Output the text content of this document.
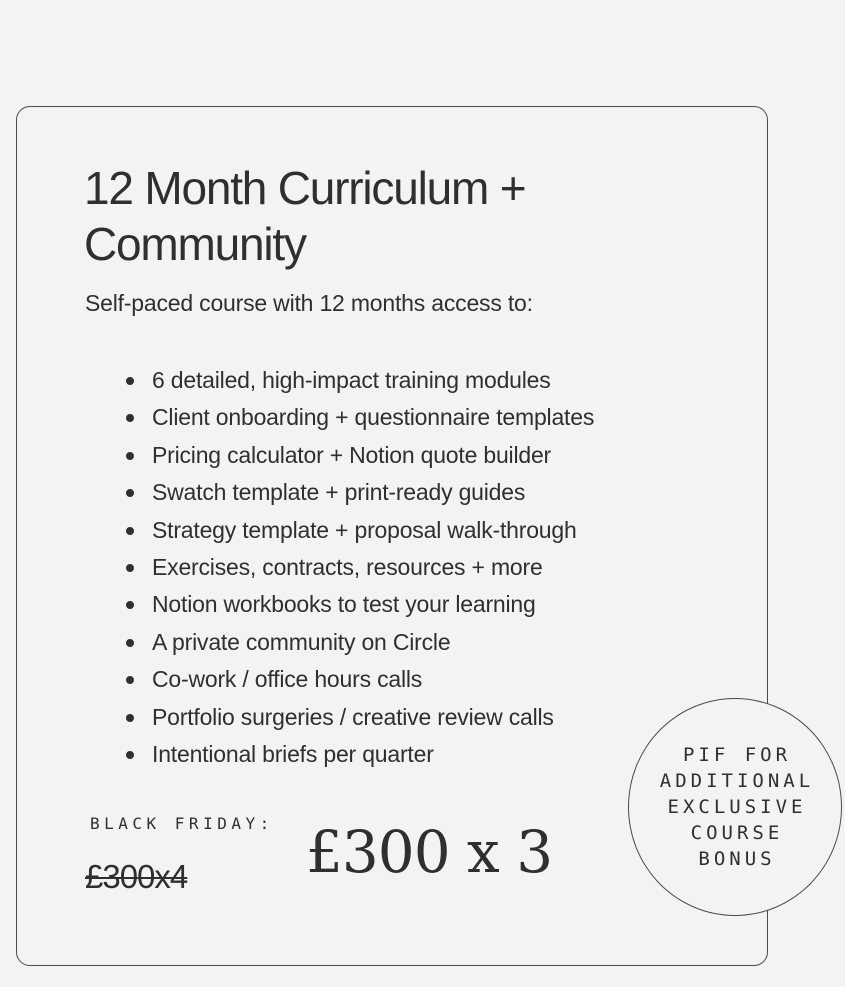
12 Month Curriculum + Community

Self-paced course with 12 months access to:

6 detailed, high-impact training modules
Client onboarding + questionnaire templates
Pricing calculator + Notion quote builder
Swatch template + print-ready guides
Strategy template + proposal walk-through
Exercises, contracts, resources + more
Notion workbooks to test your learning
A private community on Circle
Co-work / office hours calls
Portfolio surgeries / creative review calls
Intentional briefs per quarter
BLACK FRIDAY:
£300x4 £300 x 3
PIF FOR
ADDITIONAL
EXCLUSIVE
COURSE
BONUS
